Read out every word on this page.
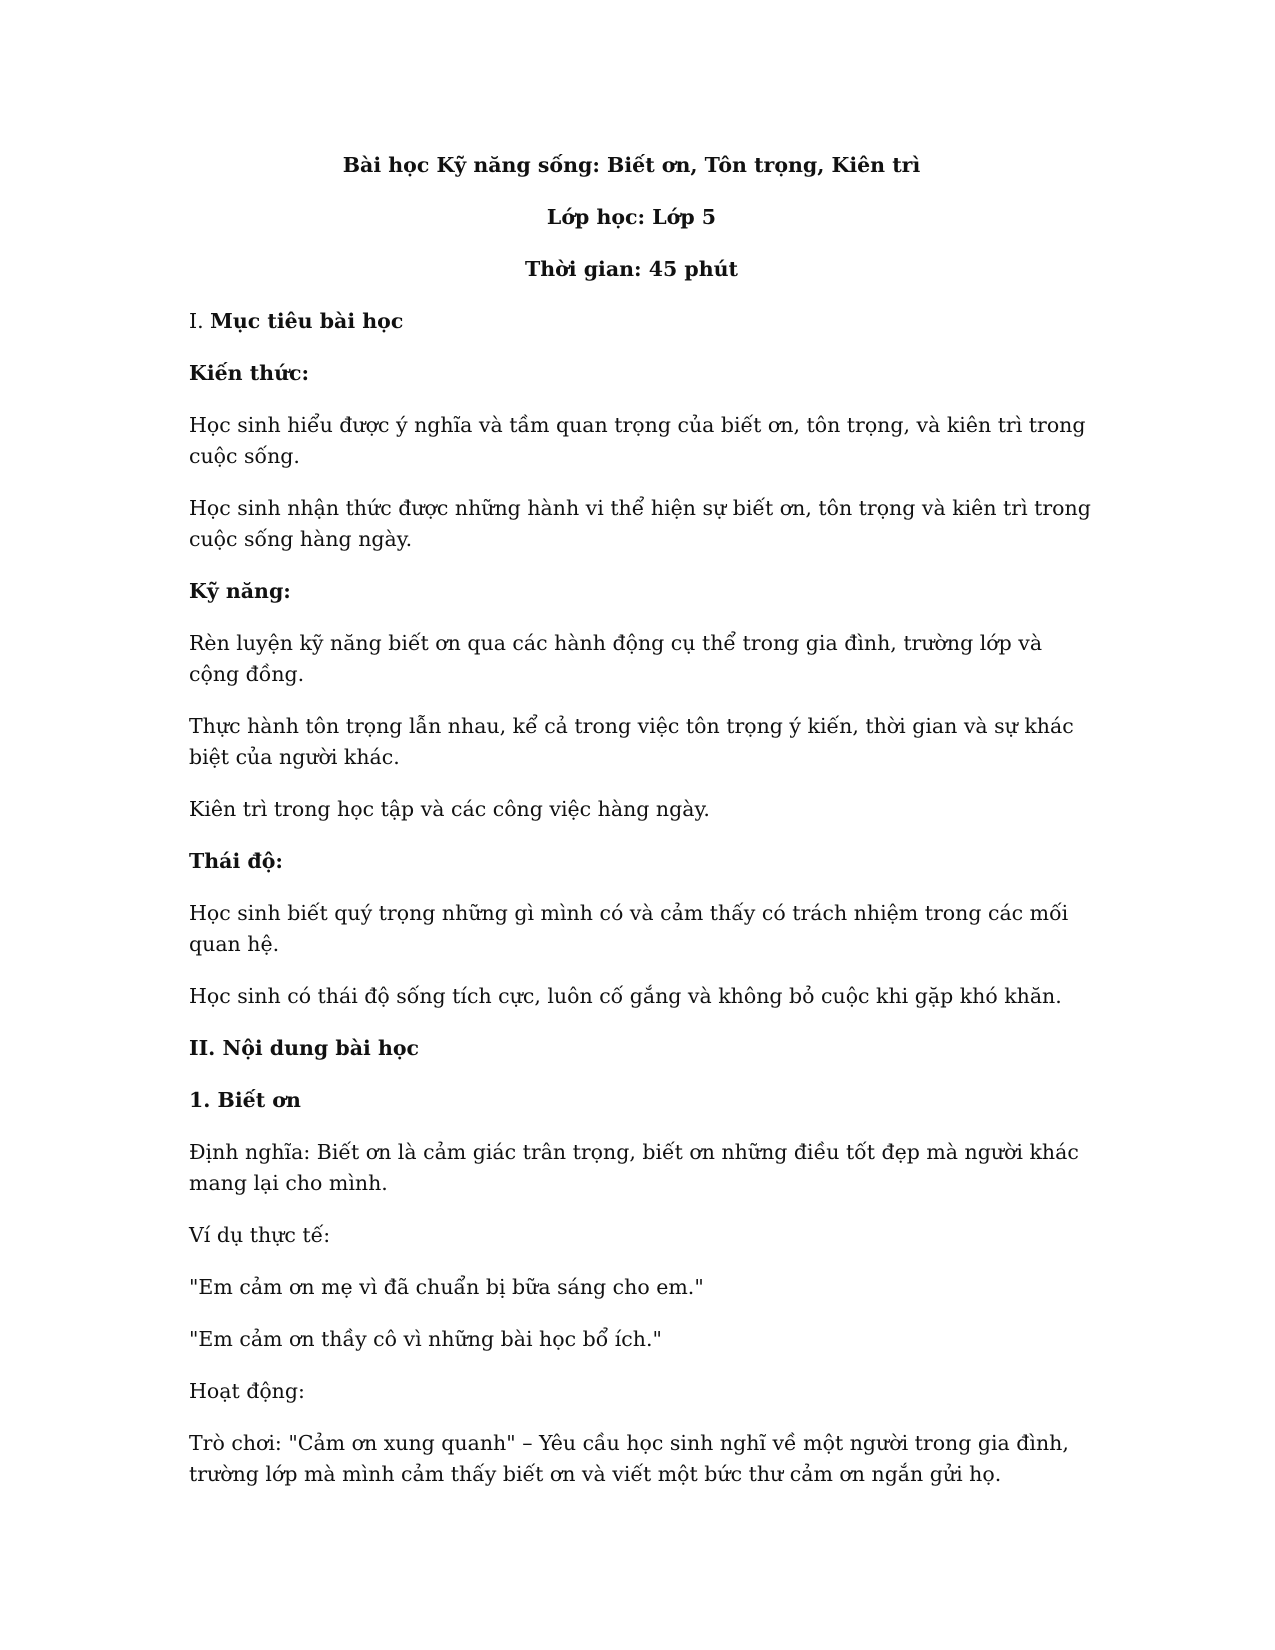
Bài học Kỹ năng sống: Biết ơn, Tôn trọng, Kiên trì
Lớp học: Lớp 5
Thời gian: 45 phút
I. Mục tiêu bài học
Kiến thức:
Học sinh hiểu được ý nghĩa và tầm quan trọng của biết ơn, tôn trọng, và kiên trì trong cuộc sống.
Học sinh nhận thức được những hành vi thể hiện sự biết ơn, tôn trọng và kiên trì trong cuộc sống hàng ngày.
Kỹ năng:
Rèn luyện kỹ năng biết ơn qua các hành động cụ thể trong gia đình, trường lớp và cộng đồng.
Thực hành tôn trọng lẫn nhau, kể cả trong việc tôn trọng ý kiến, thời gian và sự khác biệt của người khác.
Kiên trì trong học tập và các công việc hàng ngày.
Thái độ:
Học sinh biết quý trọng những gì mình có và cảm thấy có trách nhiệm trong các mối quan hệ.
Học sinh có thái độ sống tích cực, luôn cố gắng và không bỏ cuộc khi gặp khó khăn.
II. Nội dung bài học
1. Biết ơn
Định nghĩa: Biết ơn là cảm giác trân trọng, biết ơn những điều tốt đẹp mà người khác mang lại cho mình.
Ví dụ thực tế:
"Em cảm ơn mẹ vì đã chuẩn bị bữa sáng cho em."
"Em cảm ơn thầy cô vì những bài học bổ ích."
Hoạt động:
Trò chơi: "Cảm ơn xung quanh" – Yêu cầu học sinh nghĩ về một người trong gia đình, trường lớp mà mình cảm thấy biết ơn và viết một bức thư cảm ơn ngắn gửi họ.
